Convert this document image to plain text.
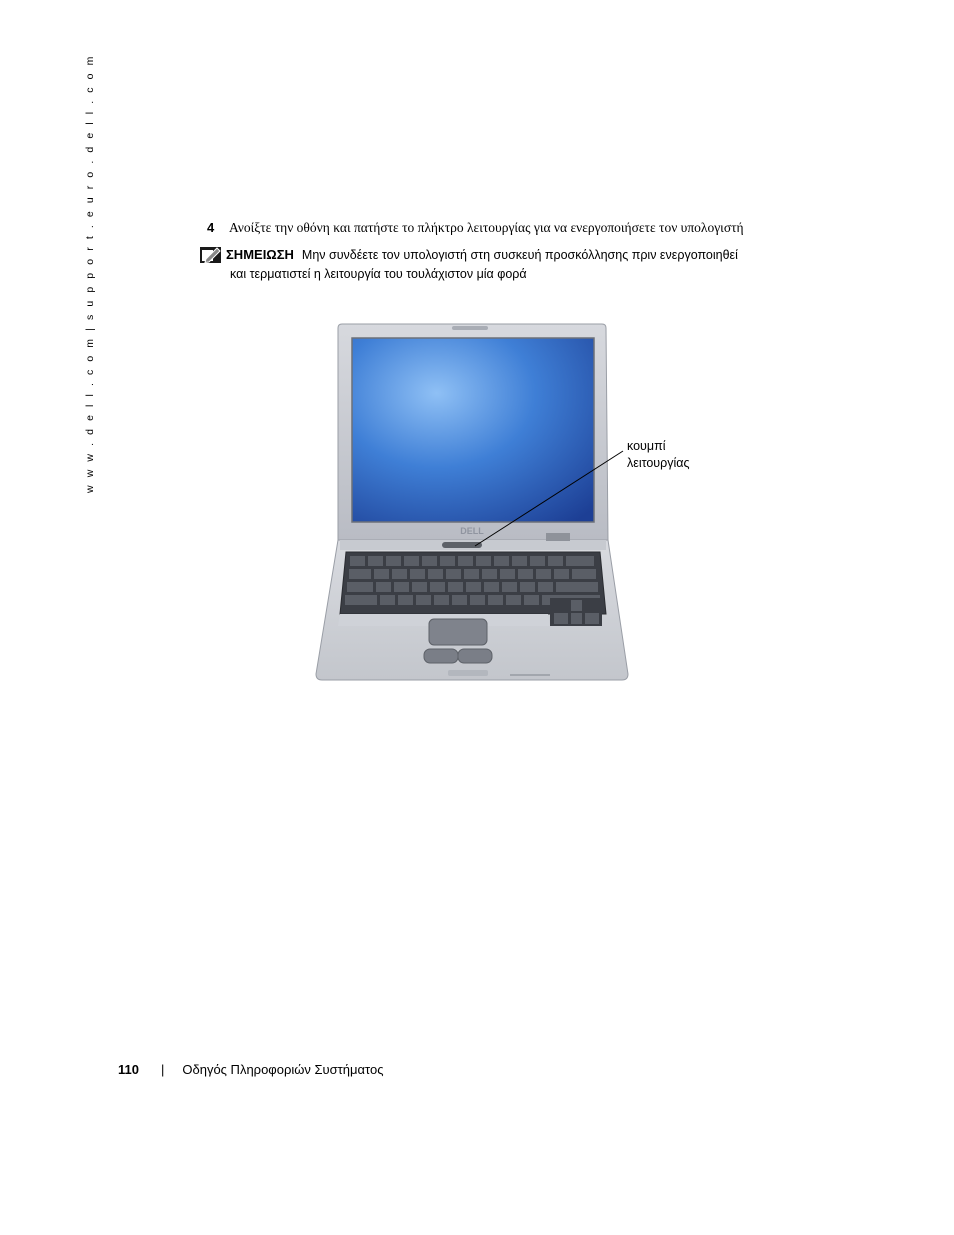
w w w . d e l l . c o m | s u p p o r t . e u r o . d e l l . c o m	4 Ανοίξτε την οθόνη και πατήστε το πλήκτρο λειτουργίας για να ενεργοποιήσετε τον υπολογιστή
ΣΗΜΕΙΩΣΗ Μην συνδέετε τον υπολογιστή στη συσκευή προσκόλλησης πριν ενεργοποιηθεί
και τερματιστεί η λειτουργία του τουλάχιστον μία φορά
DELL
κουμπί
λειτουργίας
110 | Οδηγός Πληροφοριών Συστήματος
